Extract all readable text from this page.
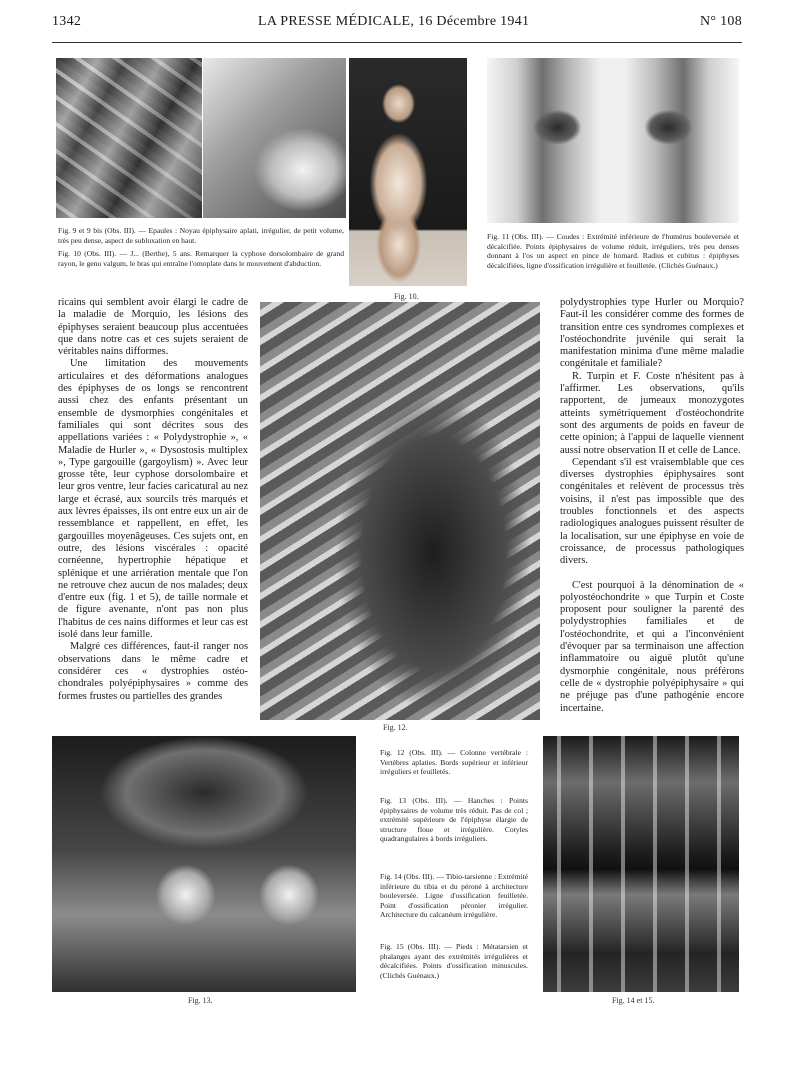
1342	LA PRESSE MÉDICALE, 16 Décembre 1941	N° 108
Fig. 10.
Fig. 9 et 9 bis (Obs. III). — Epaules : Noyau épiphysaire aplati, irrégulier, de petit volume, très peu dense, aspect de subluxation en haut.
Fig. 10 (Obs. III). — J... (Berthe), 5 ans. Remarquer la cyphose dorsolombaire de grand rayon, le genu valgum, le bras qui entraîne l'omoplate dans le mouvement d'abduction.
Fig. 11 (Obs. III). — Coudes : Extrémité inférieure de l'humérus bouleversée et décalcifiée. Points épiphysaires de volume réduit, irréguliers, très peu denses donnant à l'os un aspect en pince de homard. Radius et cubitus : épiphyses décalcifiées, ligne d'ossification irrégulière et feuilletée. (Clichés Guénaux.)

ricains qui semblent avoir élargi le cadre de la maladie de Morquio, les lésions des épiphyses seraient beaucoup plus accentuées que dans notre cas et ces sujets seraient de véritables nains difformes.

Une limitation des mouvements articulaires et des déformations analogues des épiphyses de os longs se rencontrent aussi chez des enfants présentant un ensemble de dysmorphies congénitales et familiales qui sont décrites sous des appellations variées : « Polydystrophie », « Maladie de Hurler », « Dysostosis multiplex », Type gargouille (gargoylism) ». Avec leur grosse tête, leur cyphose dorsolombaire et leur gros ventre, leur facies caricatural au nez large et écrasé, aux sourcils très marqués et aux lèvres épaisses, ils ont entre eux un air de ressemblance et rappellent, en effet, les gargouilles moyenâgeuses. Ces sujets ont, en outre, des lésions viscérales : opacité cornéenne, hypertrophie hépatique et splénique et une arriération mentale que l'on ne retrouve chez aucun de nos malades; deux d'entre eux (fig. 1 et 5), de taille normale et de figure avenante, n'ont pas non plus l'habitus de ces nains difformes et leur cas est isolé dans leur famille.

Malgré ces différences, faut-il ranger nos observations dans le même cadre et considérer ces « dystrophies ostéo-chondrales polyépiphysaires » comme des formes frustes ou partielles des grandes

Fig. 12.

polydystrophies type Hurler ou Morquio? Faut-il les considérer comme des formes de transition entre ces syndromes complexes et l'ostéochondrite juvénile qui serait la manifestation minima d'une même maladie congénitale et familiale?

R. Turpin et F. Coste n'hésitent pas à l'affirmer. Les observations, qu'ils rapportent, de jumeaux monozygotes atteints symétriquement d'ostéochondrite sont des arguments de poids en faveur de cette opinion; à l'appui de laquelle viennent aussi notre observation II et celle de Lance.

Cependant s'il est vraisemblable que ces diverses dystrophies épiphysaires sont congénitales et relèvent de processus très voisins, il n'est pas impossible que des troubles fonctionnels et des aspects radiologiques analogues puissent résulter de la localisation, sur une épiphyse en voie de croissance, de processus pathologiques divers.

C'est pourquoi à la dénomination de « polyostéochondrite » que Turpin et Coste proposent pour souligner la parenté des polydystrophies familiales et de l'ostéochondrite, et qui a l'inconvénient d'évoquer par sa terminaison une affection inflammatoire ou aiguë plutôt qu'une dysmorphie congénitale, nous préférons celle de « dystrophie polyépiphysaire » qui ne préjuge pas d'une pathogénie encore incertaine.

Fig. 13.
Fig. 12 (Obs. III). — Colonne vertébrale : Vertèbres aplaties. Bords supérieur et inférieur irréguliers et feuilletés.
Fig. 13 (Obs. III). — Hanches : Points épiphysaires de volume très réduit. Pas de col ; extrémité supérieure de l'épiphyse élargie de structure floue et irrégulière. Cotyles quadrangulaires à bords irréguliers.
Fig. 14 (Obs. III). — Tibio-tarsienne : Extrémité inférieure du tibia et du péroné à architecture bouleversée. Ligne d'ossification feuilletée. Point d'ossification péronier irrégulier. Architecture du calcanéum irrégulière.
Fig. 15 (Obs. III). — Pieds : Métatarsien et phalanges ayant des extrémités irrégulières et décalcifiées. Points d'ossification minuscules. (Clichés Guénaux.)
Fig. 14 et 15.
